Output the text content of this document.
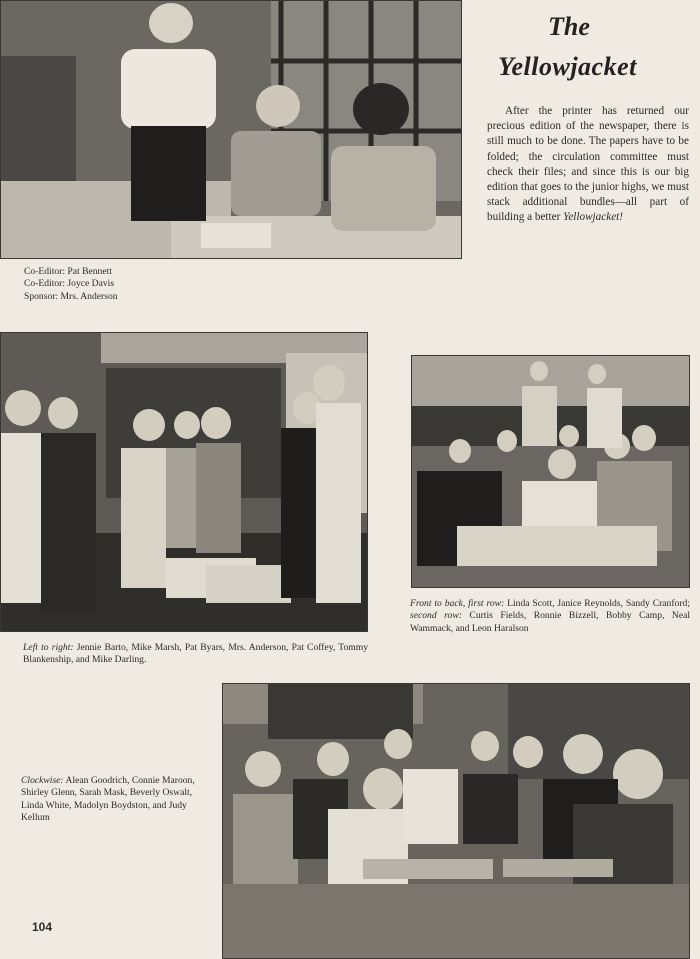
The
Yellowjacket
After the printer has returned our precious edition of the newspaper, there is still much to be done. The papers have to be folded; the circulation committee must check their files; and since this is our big edition that goes to the junior highs, we must stack additional bundles—all part of building a better Yellowjacket!
Co-Editor: Pat Bennett
Co-Editor: Joyce Davis
Sponsor: Mrs. Anderson
Front to back, first row: Linda Scott, Janice Reynolds, Sandy Cranford; second row: Curtis Fields, Ronnie Bizzell, Bobby Camp, Neal Wammack, and Leon Haralson
Left to right: Jennie Barto, Mike Marsh, Pat Byars, Mrs. Anderson, Pat Coffey, Tommy Blankenship, and Mike Darling.
Clockwise: Alean Goodrich, Connie Maroon, Shirley Glenn, Sarah Mask, Beverly Oswalt, Linda White, Madolyn Boydston, and Judy Kellum
104
